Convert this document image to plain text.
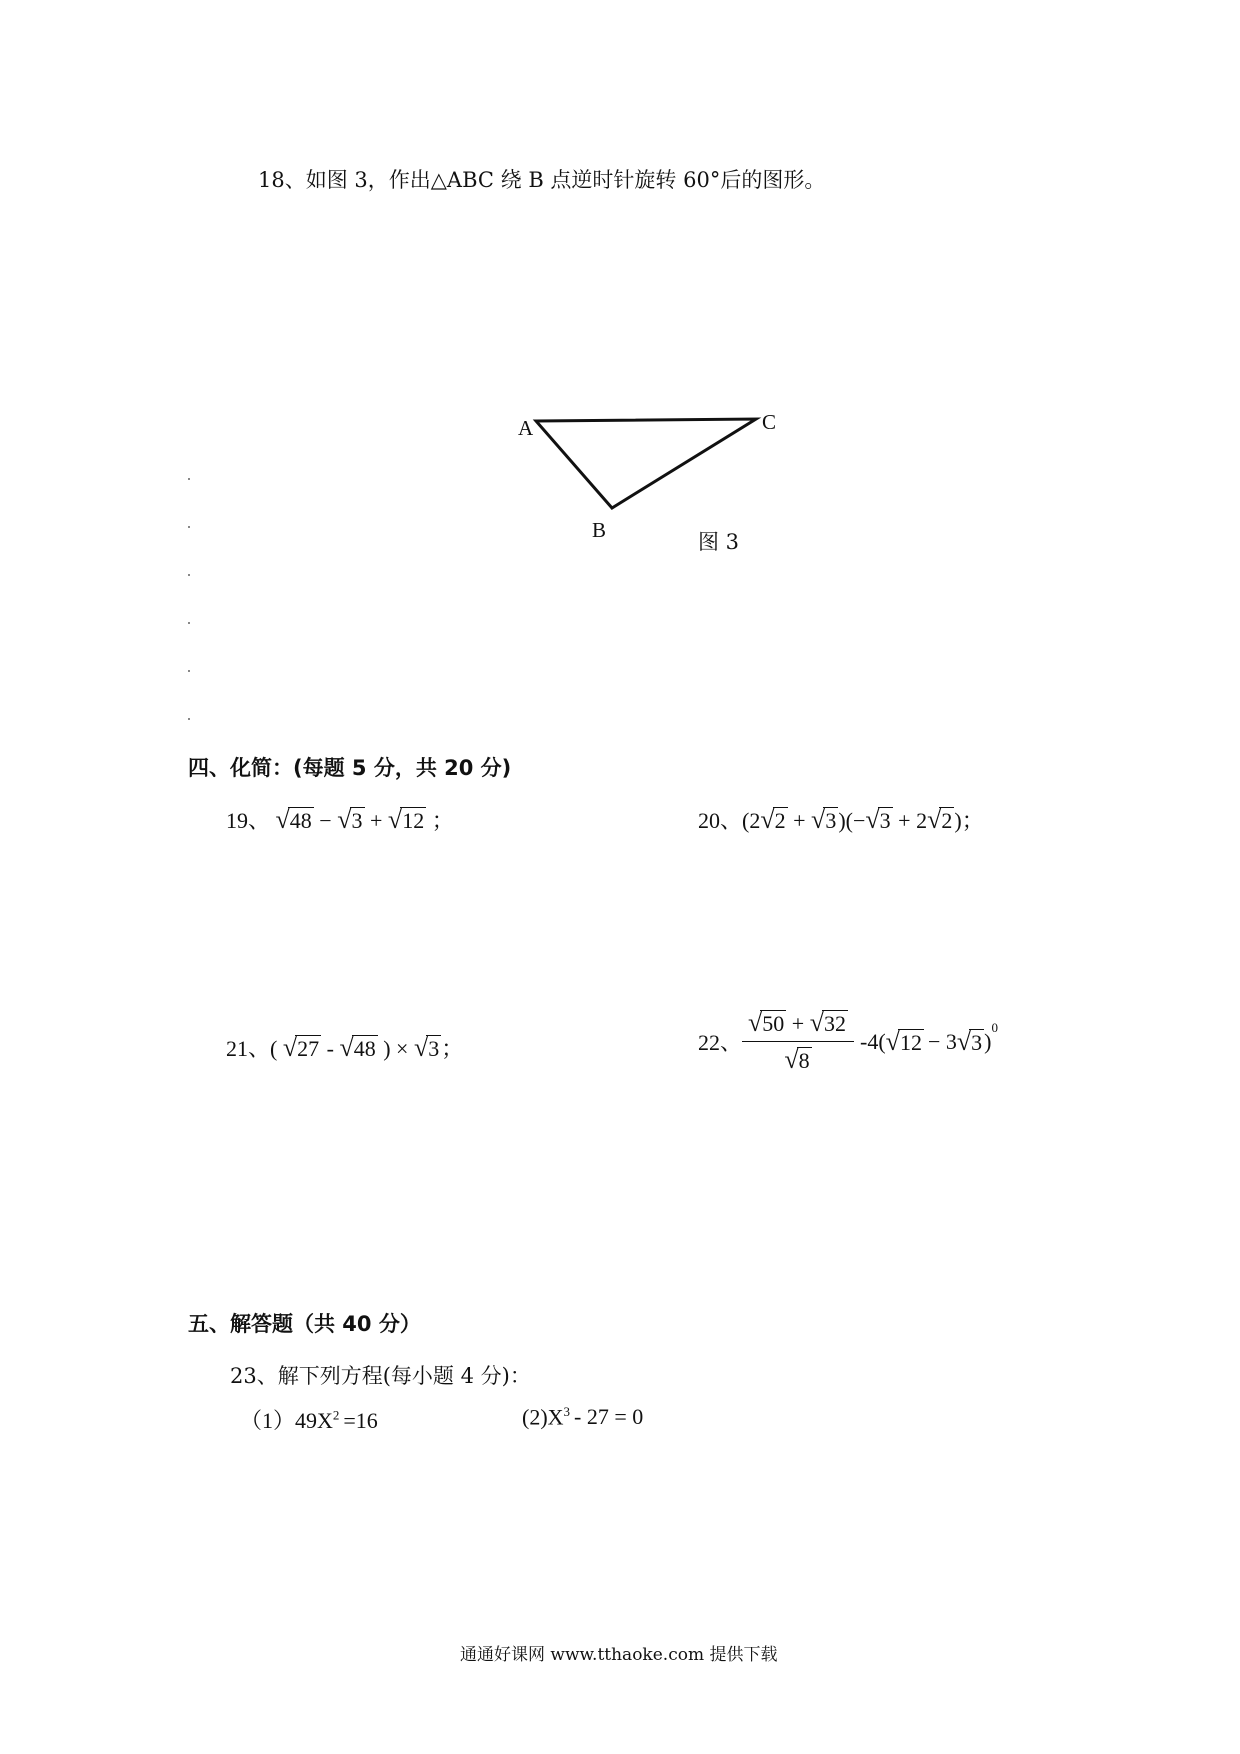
18、如图 3，作出△ABC 绕 B 点逆时针旋转 60°后的图形。
A	C
B	图 3
四、化简：(每题 5 分，共 20 分)
19、 √48 − √3 + √12 ；	20、(2√2 + √3)(−√3 + 2√2)；
21、( √27 - √48 ) × √3；	22、 $\frac{√50 + √32}{√8} -4$( √12 − 3 √3 )
$^0$
五、解答题（共 40 分）
23、解下列方程(每小题 4 分)：
$(1)49X^2 =16$	$(2)X^3 - 27 = 0$
通通好课网 www.tthaoke.com 提供下载
